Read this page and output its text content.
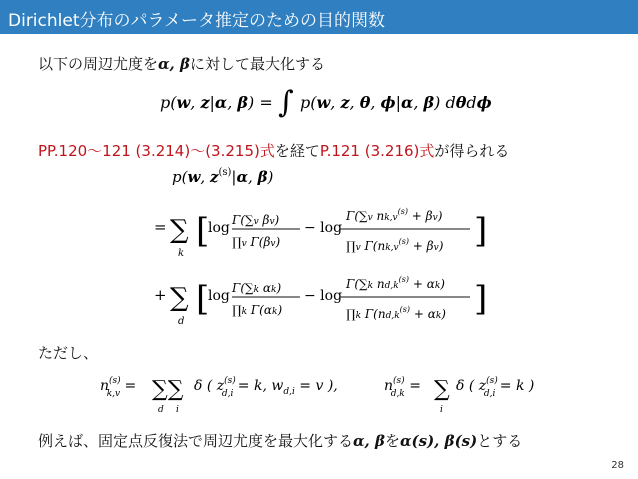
Dirichlet分布のパラメータ推定のための目的関数
以下の周辺尤度をα, βに対して最大化する
p(w, z|α, β) = ∫ p(w, z, θ, ϕ|α, β) dθdϕ
PP.120～121 (3.214)～(3.215)式を経てP.121 (3.216)式が得られる
p(w, $z^{(s)}|\alpha$, β)
= ∑
k
[
log Γ(∑v βv)
∏v Γ(βv)
− log
Γ(∑v $nk,v^{(s)} + \beta v$)
∏v $\Gamma(nk,v^{(s)} + \beta v)$ ]
+ ∑
d
[
log Γ(∑k αk)
∏k Γ(αk)
− log
Γ(∑k $nd,k^{(s)} + \alpha k$)
∏k $\Gamma(nd,k^{(s)} + \alpha k)$ ]
ただし、
$n^{(s)}$ k,v = ∑∑
d i
δ ( $z^{(s)}$ d,i = k, $w_{d,i} = v$ ),	$n^{(s)}$ d,k = ∑
i
δ ( $z^{(s)}$ d,i = k )
例えば、固定点反復法で周辺尤度を最大化するα, βをα(s), β(s)とする
28
